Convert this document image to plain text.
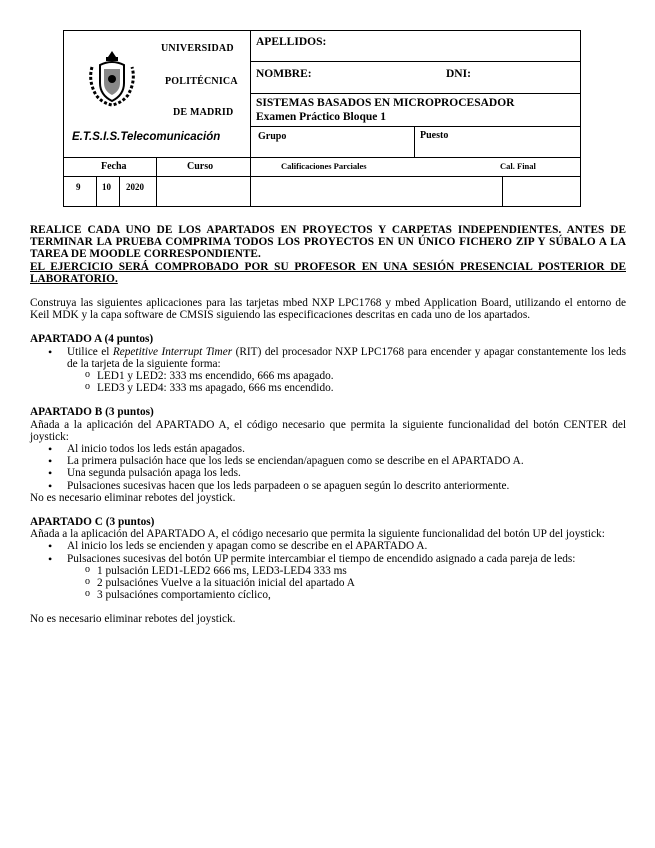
UNIVERSIDAD
POLITÉCNICA
DE MADRID
E.T.S.I.S.Telecomunicación
APELLIDOS:
NOMBRE:	DNI:
SISTEMAS BASADOS EN MICROPROCESADOR
Examen Práctico Bloque 1
Grupo	Puesto
Fecha	Curso	Calificaciones Parciales	Cal. Final
9 10 2020

REALICE CADA UNO DE LOS APARTADOS EN PROYECTOS Y CARPETAS INDEPENDIENTES. ANTES DE TERMINAR LA PRUEBA COMPRIMA TODOS LOS PROYECTOS EN UN ÚNICO FICHERO ZIP Y SÚBALO A LA TAREA DE MOODLE CORRESPONDIENTE.

EL EJERCICIO SERÁ COMPROBADO POR SU PROFESOR EN UNA SESIÓN PRESENCIAL POSTERIOR DE LABORATORIO.

Construya las siguientes aplicaciones para las tarjetas mbed NXP LPC1768 y mbed Application Board, utilizando el entorno de Keil MDK y la capa software de CMSIS siguiendo las especificaciones descritas en cada uno de los apartados.

APARTADO A (4 puntos)
• Utilice el Repetitive Interrupt Timer (RIT) del procesador NXP LPC1768 para encender y apagar constantemente los leds de la tarjeta de la siguiente forma:
o LED1 y LED2: 333 ms encendido, 666 ms apagado.
o LED3 y LED4: 333 ms apagado, 666 ms encendido.
APARTADO B (3 puntos)

Añada a la aplicación del APARTADO A, el código necesario que permita la siguiente funcionalidad del botón CENTER del joystick:

• Al inicio todos los leds están apagados.
• La primera pulsación hace que los leds se enciendan/apaguen como se describe en el APARTADO A.
• Una segunda pulsación apaga los leds.
• Pulsaciones sucesivas hacen que los leds parpadeen o se apaguen según lo descrito anteriormente.

No es necesario eliminar rebotes del joystick.

APARTADO C (3 puntos)

Añada a la aplicación del APARTADO A, el código necesario que permita la siguiente funcionalidad del botón UP del joystick:

• Al inicio los leds se encienden y apagan como se describe en el APARTADO A.
• Pulsaciones sucesivas del botón UP permite intercambiar el tiempo de encendido asignado a cada pareja de leds:
o 1 pulsación LED1-LED2 666 ms, LED3-LED4 333 ms
o 2 pulsaciónes Vuelve a la situación inicial del apartado A
o 3 pulsaciónes comportamiento cíclico,

No es necesario eliminar rebotes del joystick.
